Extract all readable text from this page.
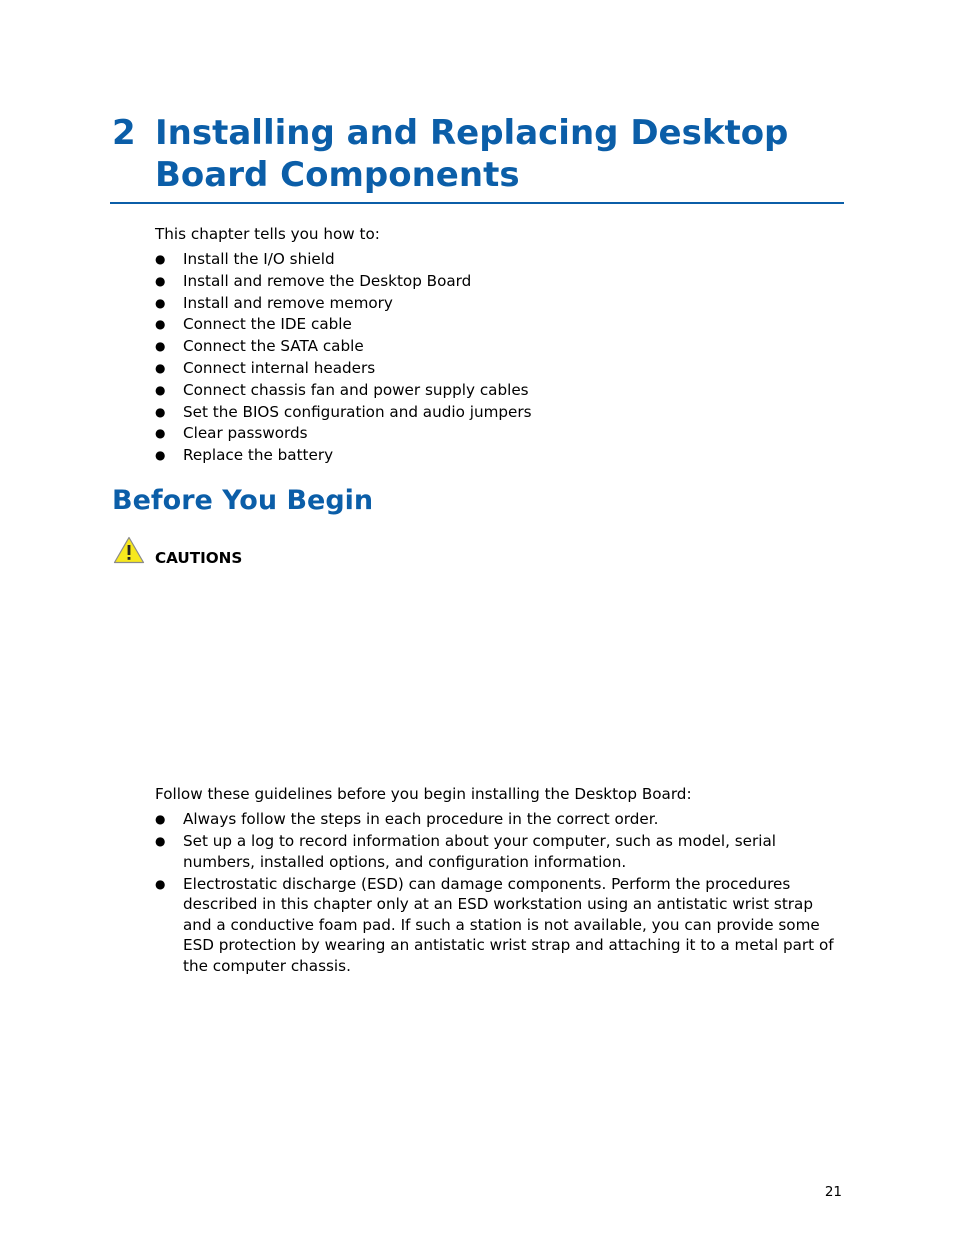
2 Installing and Replacing Desktop Board Components

This chapter tells you how to:

● Install the I/O shield
● Install and remove the Desktop Board
● Install and remove memory
● Connect the IDE cable
● Connect the SATA cable
● Connect internal headers
● Connect chassis fan and power supply cables
● Set the BIOS configuration and audio jumpers
● Clear passwords
● Replace the battery
Before You Begin

CAUTIONS

Follow these guidelines before you begin installing the Desktop Board:

● Always follow the steps in each procedure in the correct order.
● Set up a log to record information about your computer, such as model, serial numbers, installed options, and configuration information.
● Electrostatic discharge (ESD) can damage components. Perform the procedures described in this chapter only at an ESD workstation using an antistatic wrist strap and a conductive foam pad. If such a station is not available, you can provide some ESD protection by wearing an antistatic wrist strap and attaching it to a metal part of the computer chassis.
21
